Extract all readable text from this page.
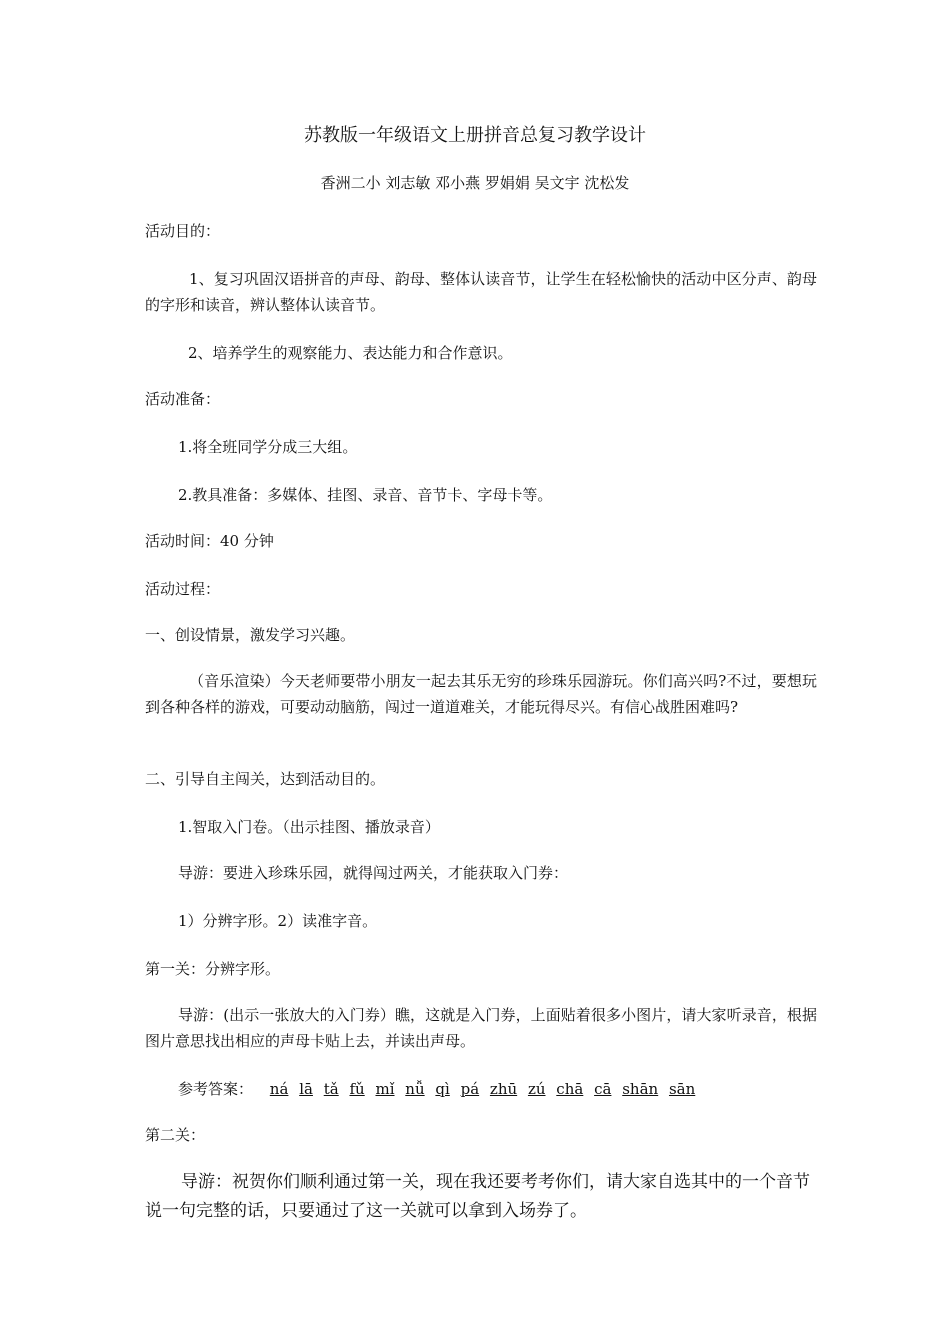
苏教版一年级语文上册拼音总复习教学设计
香洲二小 刘志敏 邓小燕 罗娟娟 吴文宇 沈松发
活动目的：
1、复习巩固汉语拼音的声母、韵母、整体认读音节，让学生在轻松愉快的活动中区分声、韵母的字形和读音，辨认整体认读音节。
2、培养学生的观察能力、表达能力和合作意识。
活动准备：
1.将全班同学分成三大组。
2.教具准备：多媒体、挂图、录音、音节卡、字母卡等。
活动时间：40 分钟
活动过程：
一、创设情景，激发学习兴趣。
（音乐渲染）今天老师要带小朋友一起去其乐无穷的珍珠乐园游玩。你们高兴吗?不过，要想玩到各种各样的游戏，可要动动脑筋，闯过一道道难关，才能玩得尽兴。有信心战胜困难吗?
二、引导自主闯关，达到活动目的。
1.智取入门卷。（出示挂图、播放录音）
导游：要进入珍珠乐园，就得闯过两关，才能获取入门券：
1）分辨字形。2）读准字音。
第一关：分辨字形。
导游：(出示一张放大的入门券）瞧，这就是入门券，上面贴着很多小图片，请大家听录音，根据图片意思找出相应的声母卡贴上去，并读出声母。
参考答案： ná lā tǎ fǔ mǐ nǚ qì pá zhū zú chā cā shān sān
第二关：
导游：祝贺你们顺利通过第一关，现在我还要考考你们，请大家自选其中的一个音节说一句完整的话，只要通过了这一关就可以拿到入场券了。
